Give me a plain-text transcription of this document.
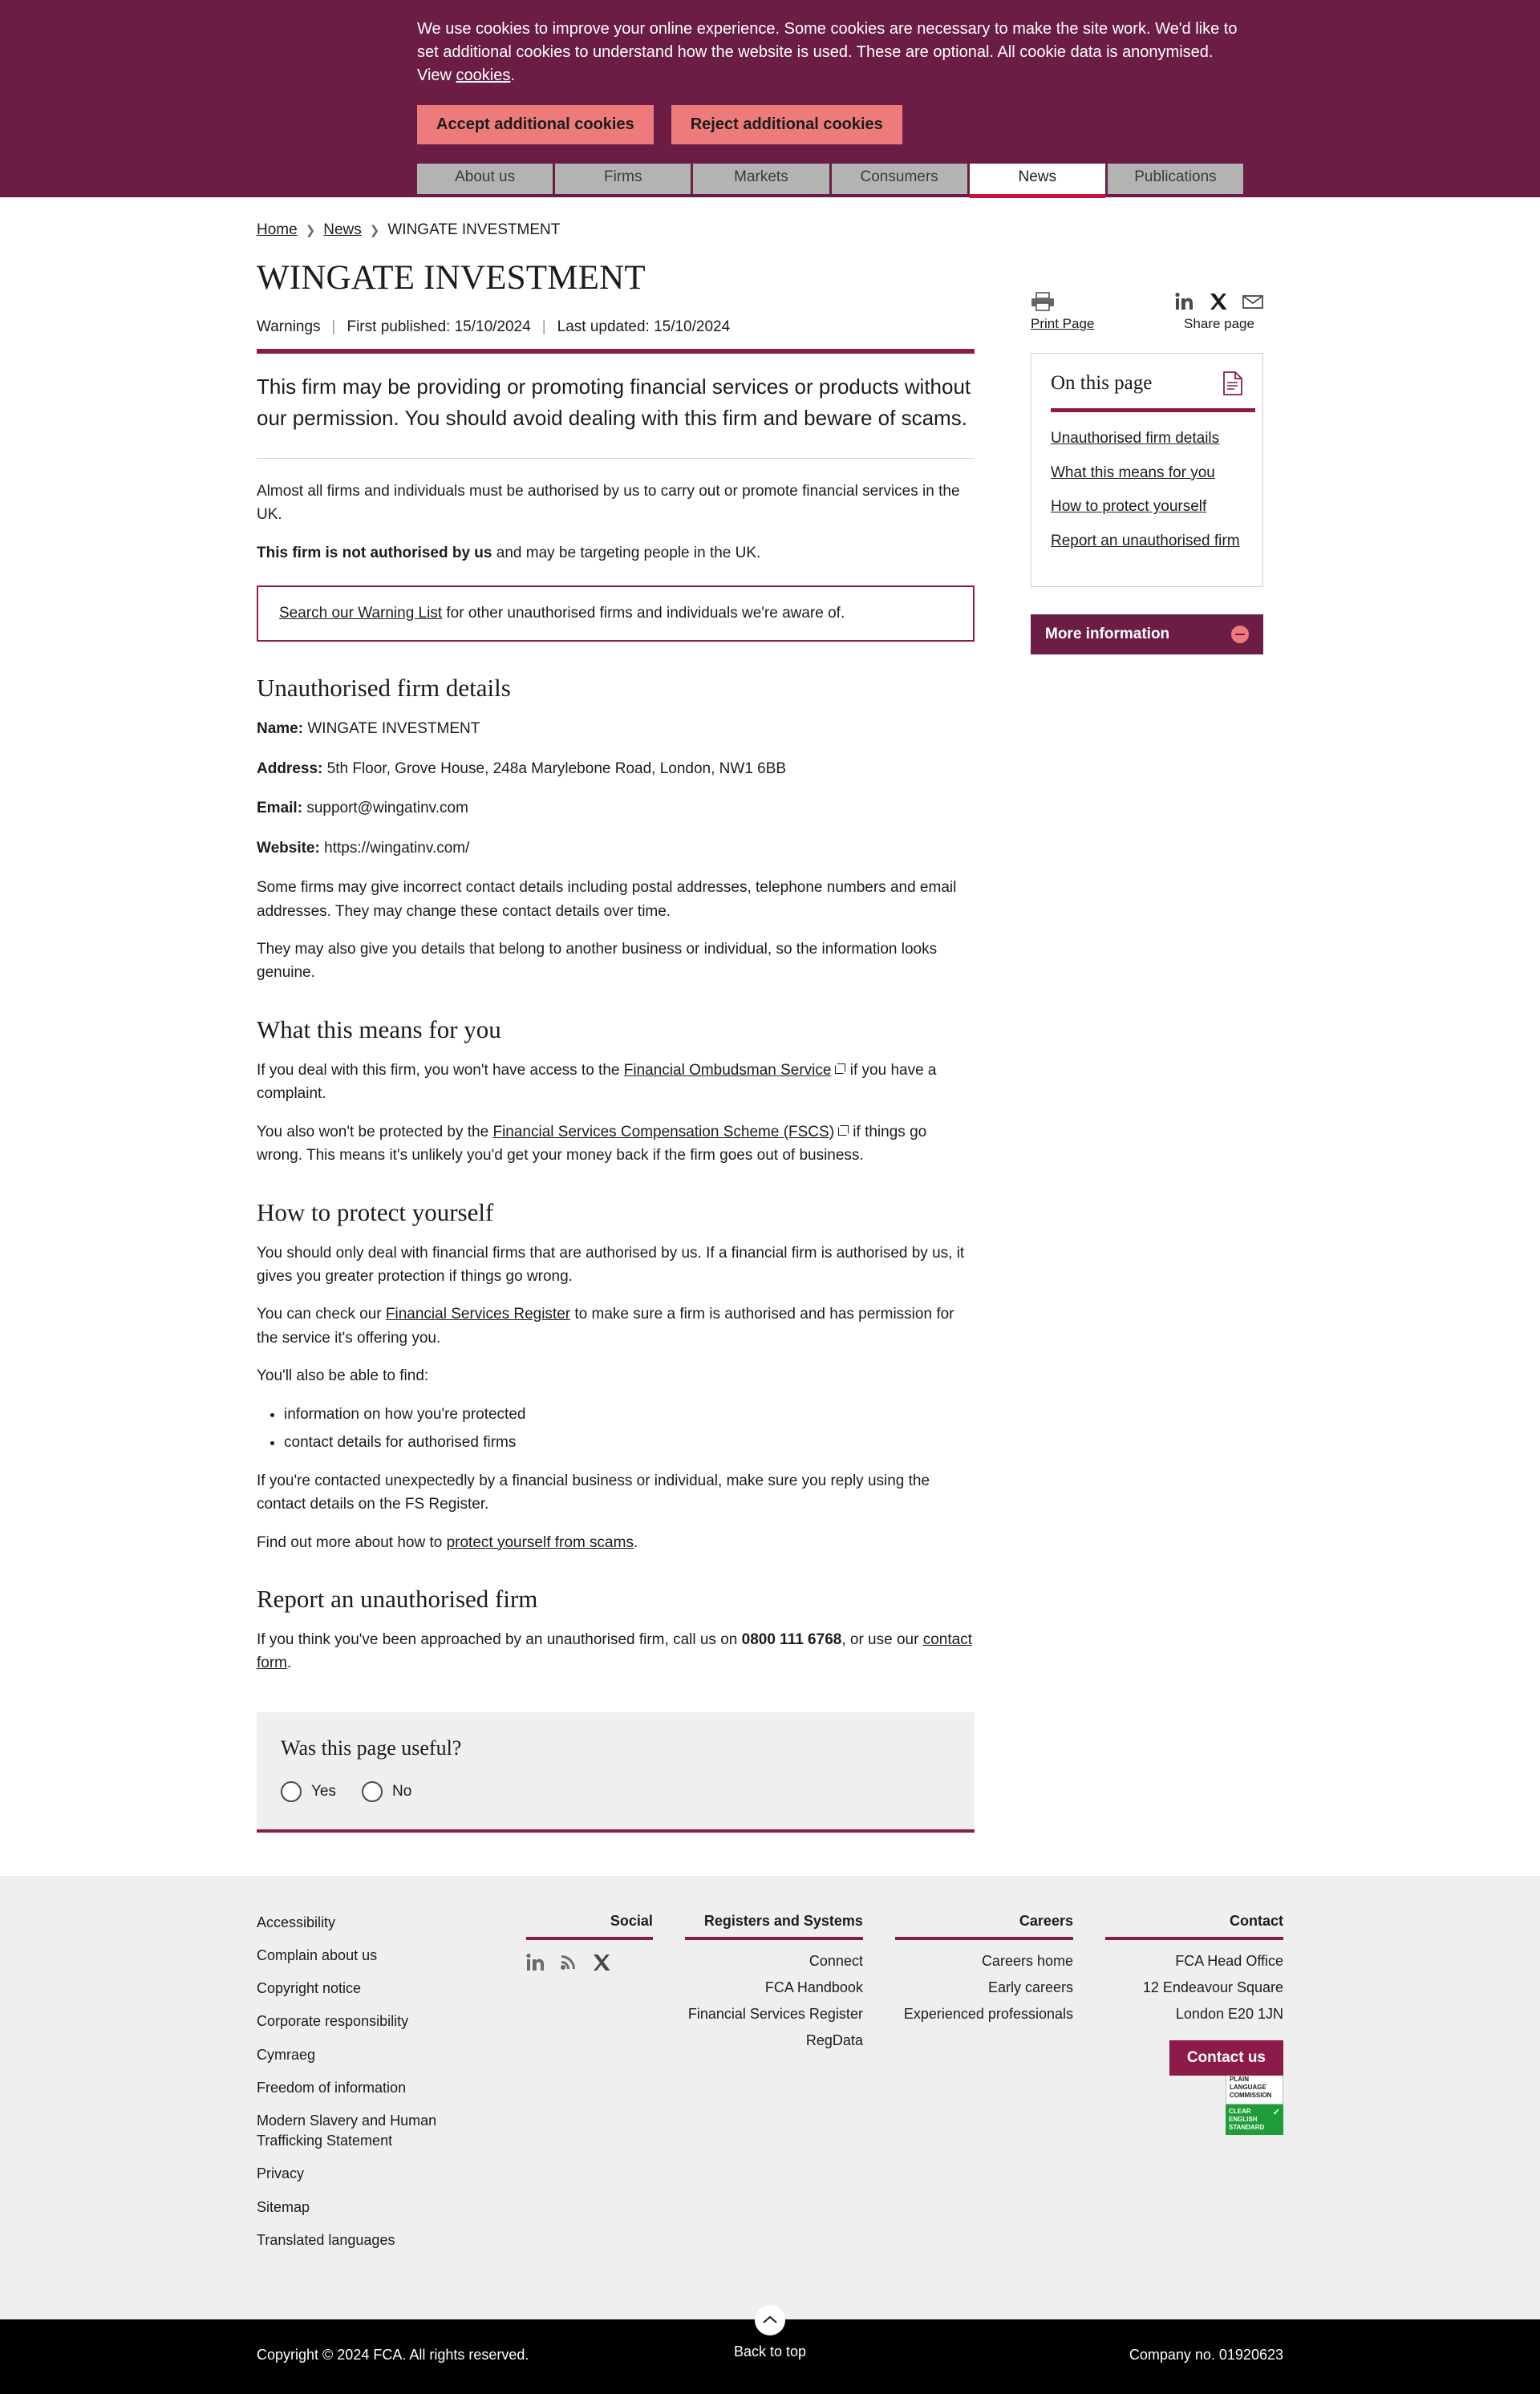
We use cookies to improve your online experience. Some cookies are necessary to make the site work. We'd like to set additional cookies to understand how the website is used. These are optional. All cookie data is anonymised. View cookies.

Accept additional cookies	Reject additional cookies
About us	Firms	Markets	Consumers	News	Publications
Home ❯ News ❯ WINGATE INVESTMENT
WINGATE INVESTMENT
Warnings | First published: 15/10/2024 | Last updated: 15/10/2024

This firm may be providing or promoting financial services or products without our permission. You should avoid dealing with this firm and beware of scams.

Almost all firms and individuals must be authorised by us to carry out or promote financial services in the UK.

This firm is not authorised by us and may be targeting people in the UK.

Search our Warning List for other unauthorised firms and individuals we're aware of.
Unauthorised firm details

Name: WINGATE INVESTMENT

Address: 5th Floor, Grove House, 248a Marylebone Road, London, NW1 6BB

Email: support@wingatinv.com

Website: https://wingatinv.com/

Some firms may give incorrect contact details including postal addresses, telephone numbers and email addresses. They may change these contact details over time.

They may also give you details that belong to another business or individual, so the information looks genuine.

What this means for you

If you deal with this firm, you won't have access to the Financial Ombudsman Service if you have a complaint.

You also won't be protected by the Financial Services Compensation Scheme (FSCS) if things go wrong. This means it's unlikely you'd get your money back if the firm goes out of business.

How to protect yourself

You should only deal with financial firms that are authorised by us. If a financial firm is authorised by us, it gives you greater protection if things go wrong.

You can check our Financial Services Register to make sure a firm is authorised and has permission for the service it's offering you.

You'll also be able to find:

• information on how you're protected
• contact details for authorised firms

If you're contacted unexpectedly by a financial business or individual, make sure you reply using the contact details on the FS Register.

Find out more about how to protect yourself from scams.

Report an unauthorised firm

If you think you've been approached by an unauthorised firm, call us on 0800 111 6768, or use our contact form.

Was this page useful?
Yes	No
Print Page	Share page
On this page
Unauthorised firm details
What this means for you
How to protect yourself
Report an unauthorised firm
More information
Accessibility
Complain about us
Copyright notice
Corporate responsibility
Cymraeg
Freedom of information
Modern Slavery and Human Trafficking Statement
Privacy
Sitemap
Translated languages
Social	Registers and Systems
Connect
FCA Handbook
Financial Services Register
RegData
Careers
Careers home
Early careers
Experienced professionals
Contact
FCA Head Office
12 Endeavour Square
London E20 1JN
Contact us
PLAIN LANGUAGE COMMISSION
CLEAR
ENGLISH
STANDARD
✓
Back to top
Copyright © 2024 FCA. All rights reserved.	Company no. 01920623
